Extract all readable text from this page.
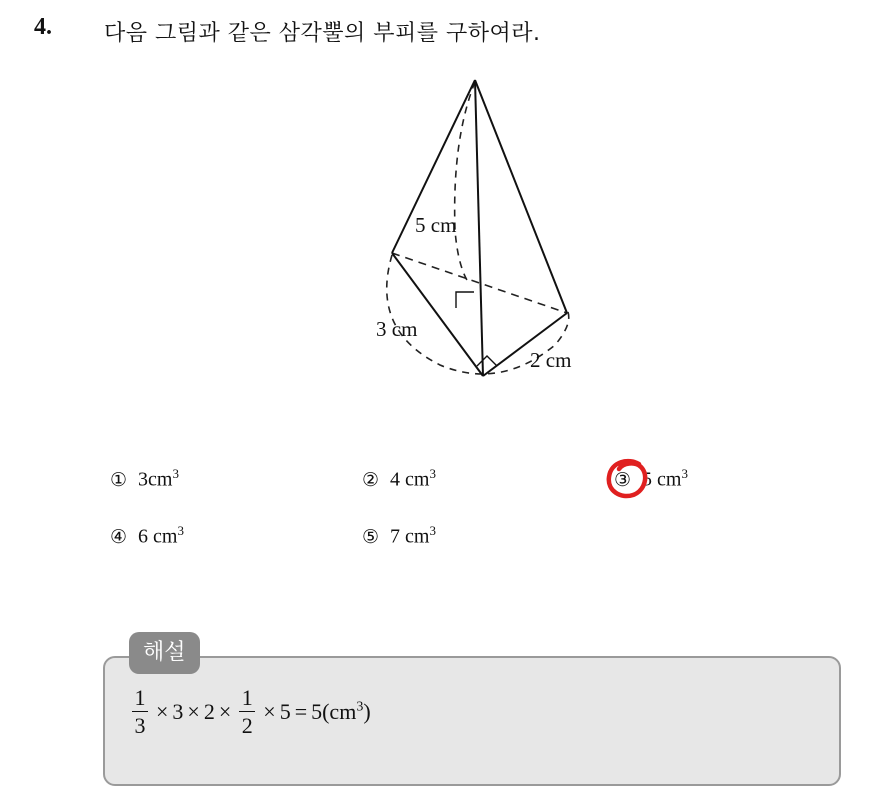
4. 다음 그림과 같은 삼각뿔의 부피를 구하여라.
5 cm
3 cm
2 cm
① $3cm^3$	② 4 $cm^3$	③ 5 $cm^3$
④ 6 $cm^3$	⑤ 7 $cm^3$
해설
$\frac{1}{3} \times 3 \times 2 \times \frac{1}{2} \times 5 = 5(cm^3)$
